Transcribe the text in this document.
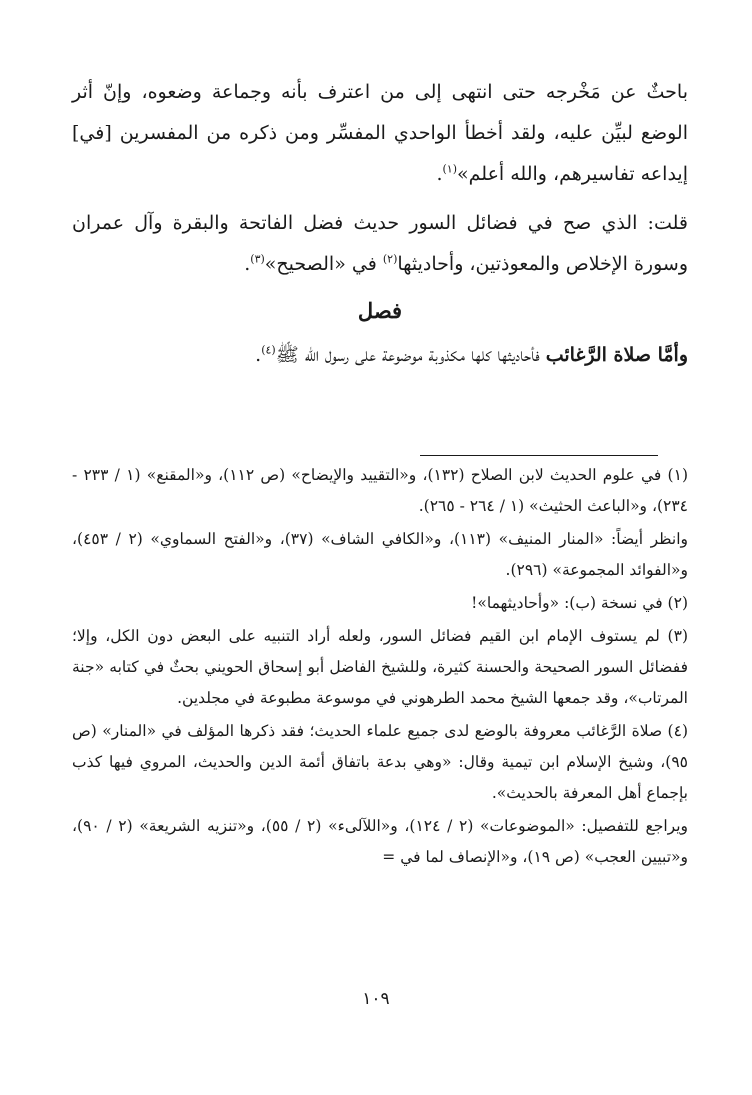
باحثٌ عن مَخْرجه حتى انتهى إلى من اعترف بأنه وجماعة وضعوه، وإنّ أثر الوضع لبيِّن عليه، ولقد أخطأ الواحدي المفسِّر ومن ذكره من المفسرين [في] إيداعه تفاسيرهم، والله أعلم»$^{(١)}$.

قلت: الذي صح في فضائل السور حديث فضل الفاتحة والبقرة وآل عمران وسورة الإخلاص والمعوذتين، وأحاديثها$^{(٢)}$ في «الصحيح»$^{(٣)}$.

فصل

وأمَّا صلاة الرَّغائب فأحاديثها كلها مكذوبة موضوعة على رسول الله ﷺ$^{(٤)}$.

(١) في علوم الحديث لابن الصلاح (١٣٢)، و«التقييد والإيضاح» (ص ١١٢)، و«المقنع» (١ / ٢٣٣ - ٢٣٤)، و«الباعث الحثيث» (١ / ٢٦٤ - ٢٦٥).

وانظر أيضاً: «المنار المنيف» (١١٣)، و«الكافي الشاف» (٣٧)، و«الفتح السماوي» (٢ / ٤٥٣)، و«الفوائد المجموعة» (٢٩٦).

(٢) في نسخة (ب): «وأحاديثهما»!

(٣) لم يستوف الإمام ابن القيم فضائل السور، ولعله أراد التنبيه على البعض دون الكل، وإلا؛ ففضائل السور الصحيحة والحسنة كثيرة، وللشيخ الفاضل أبو إسحاق الحويني بحثٌ في كتابه «جنة المرتاب»، وقد جمعها الشيخ محمد الطرهوني في موسوعة مطبوعة في مجلدين.

(٤) صلاة الرَّغائب معروفة بالوضع لدى جميع علماء الحديث؛ فقد ذكرها المؤلف في «المنار» (ص ٩٥)، وشيخ الإسلام ابن تيمية وقال: «وهي بدعة باتفاق أئمة الدين والحديث، المروي فيها كذب بإجماع أهل المعرفة بالحديث».

ويراجع للتفصيل: «الموضوعات» (٢ / ١٢٤)، و«اللآلىء» (٢ / ٥٥)، و«تنزيه الشريعة» (٢ / ٩٠)، و«تبيين العجب» (ص ١٩)، و«الإنصاف لما في =

١٠٩
